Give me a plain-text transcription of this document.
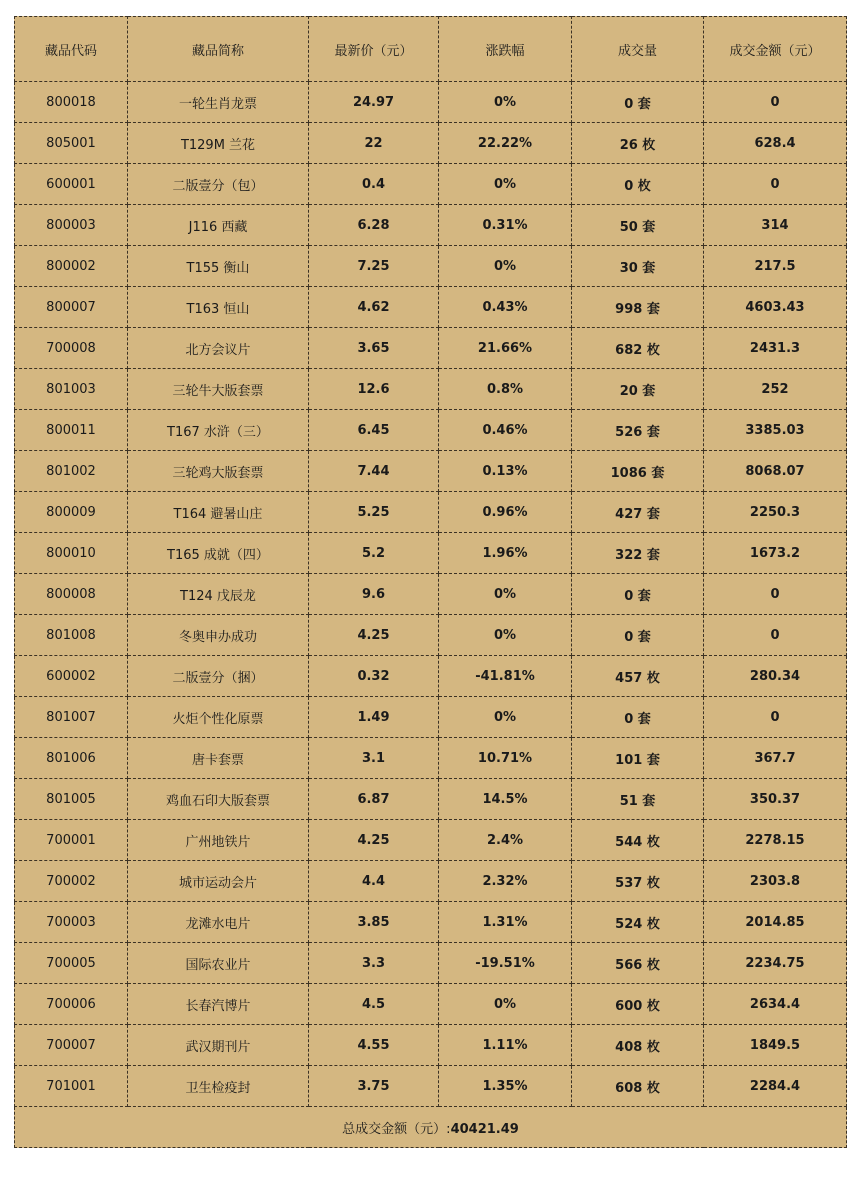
藏品代码	藏品简称	最新价（元）	涨跌幅	成交量	成交金额（元）
800018	一轮生肖龙票	24.97	0%	0 套	0
805001	T129M 兰花	22	22.22%	26 枚	628.4
600001	二版壹分（包）	0.4	0%	0 枚	0
800003	J116 西藏	6.28	0.31%	50 套	314
800002	T155 衡山	7.25	0%	30 套	217.5
800007	T163 恒山	4.62	0.43%	998 套	4603.43
700008	北方会议片	3.65	21.66%	682 枚	2431.3
801003	三轮牛大版套票	12.6	0.8%	20 套	252
800011	T167 水浒（三）	6.45	0.46%	526 套	3385.03
801002	三轮鸡大版套票	7.44	0.13%	1086 套	8068.07
800009	T164 避暑山庄	5.25	0.96%	427 套	2250.3
800010	T165 成就（四）	5.2	1.96%	322 套	1673.2
800008	T124 戊辰龙	9.6	0%	0 套	0
801008	冬奥申办成功	4.25	0%	0 套	0
600002	二版壹分（捆）	0.32	-41.81%	457 枚	280.34
801007	火炬个性化原票	1.49	0%	0 套	0
801006	唐卡套票	3.1	10.71%	101 套	367.7
801005	鸡血石印大版套票	6.87	14.5%	51 套	350.37
700001	广州地铁片	4.25	2.4%	544 枚	2278.15
700002	城市运动会片	4.4	2.32%	537 枚	2303.8
700003	龙滩水电片	3.85	1.31%	524 枚	2014.85
700005	国际农业片	3.3	-19.51%	566 枚	2234.75
700006	长春汽博片	4.5	0%	600 枚	2634.4
700007	武汉期刊片	4.55	1.11%	408 枚	1849.5
701001	卫生检疫封	3.75	1.35%	608 枚	2284.4
总成交金额（元）:40421.49					
